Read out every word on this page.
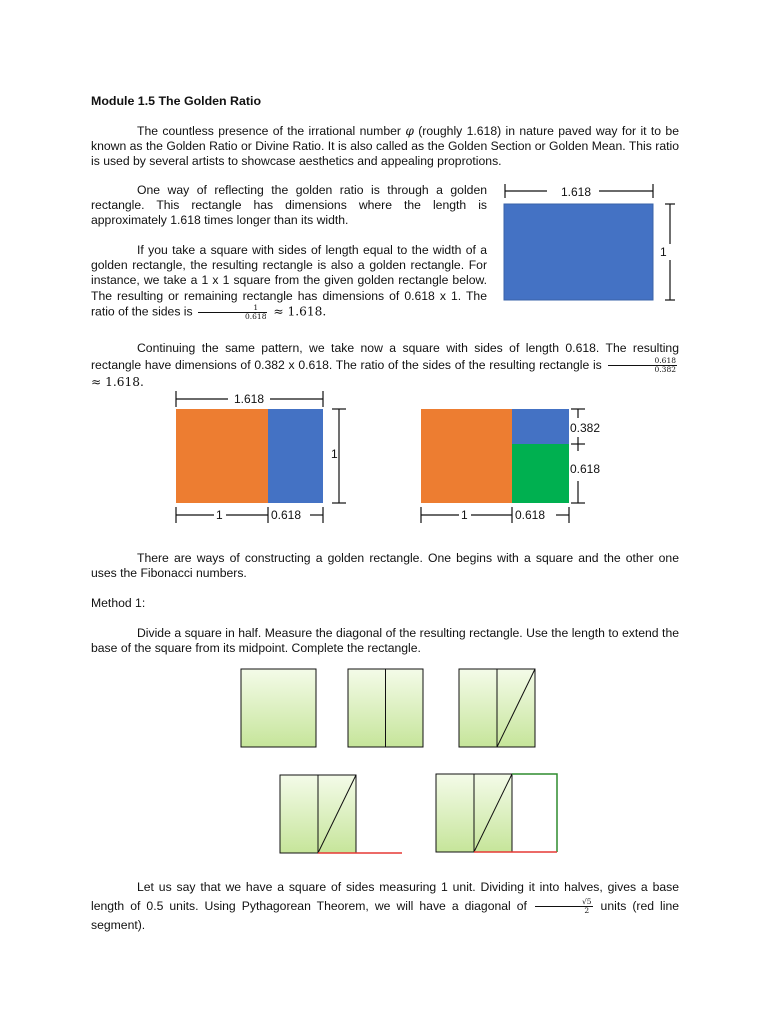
Module 1.5 The Golden Ratio

The countless presence of the irrational number φ (roughly 1.618) in nature paved way for it to be known as the Golden Ratio or Divine Ratio. It is also called as the Golden Section or Golden Mean. This ratio is used by several artists to showcase aesthetics and appealing proprotions.

One way of reflecting the golden ratio is through a golden rectangle. This rectangle has dimensions where the length is approximately 1.618 times longer than its width.

If you take a square with sides of length equal to the width of a golden rectangle, the resulting rectangle is also a golden rectangle. For instance, we take a 1 x 1 square from the given golden rectangle below. The resulting or remaining rectangle has dimensions of 0.618 x 1. The ratio of the sides is $\frac{1}{0.618} \approx 1.618$.

1.618
1

Continuing the same pattern, we take now a square with sides of length 0.618. The resulting rectangle have dimensions of 0.382 x 0.618. The ratio of the sides of the resulting rectangle is $\frac{0.618}{0.382}$
≈ 1.618.

1.618
1
1	0.618
0.382
0.618
1	0.618

There are ways of constructing a golden rectangle. One begins with a square and the other one uses the Fibonacci numbers.

Method 1:

Divide a square in half. Measure the diagonal of the resulting rectangle. Use the length to extend the base of the square from its midpoint. Complete the rectangle.

Let us say that we have a square of sides measuring 1 unit. Dividing it into halves, gives a base length of 0.5 units. Using Pythagorean Theorem, we will have a diagonal of $\frac{√5}{2}$ units (red line segment).
